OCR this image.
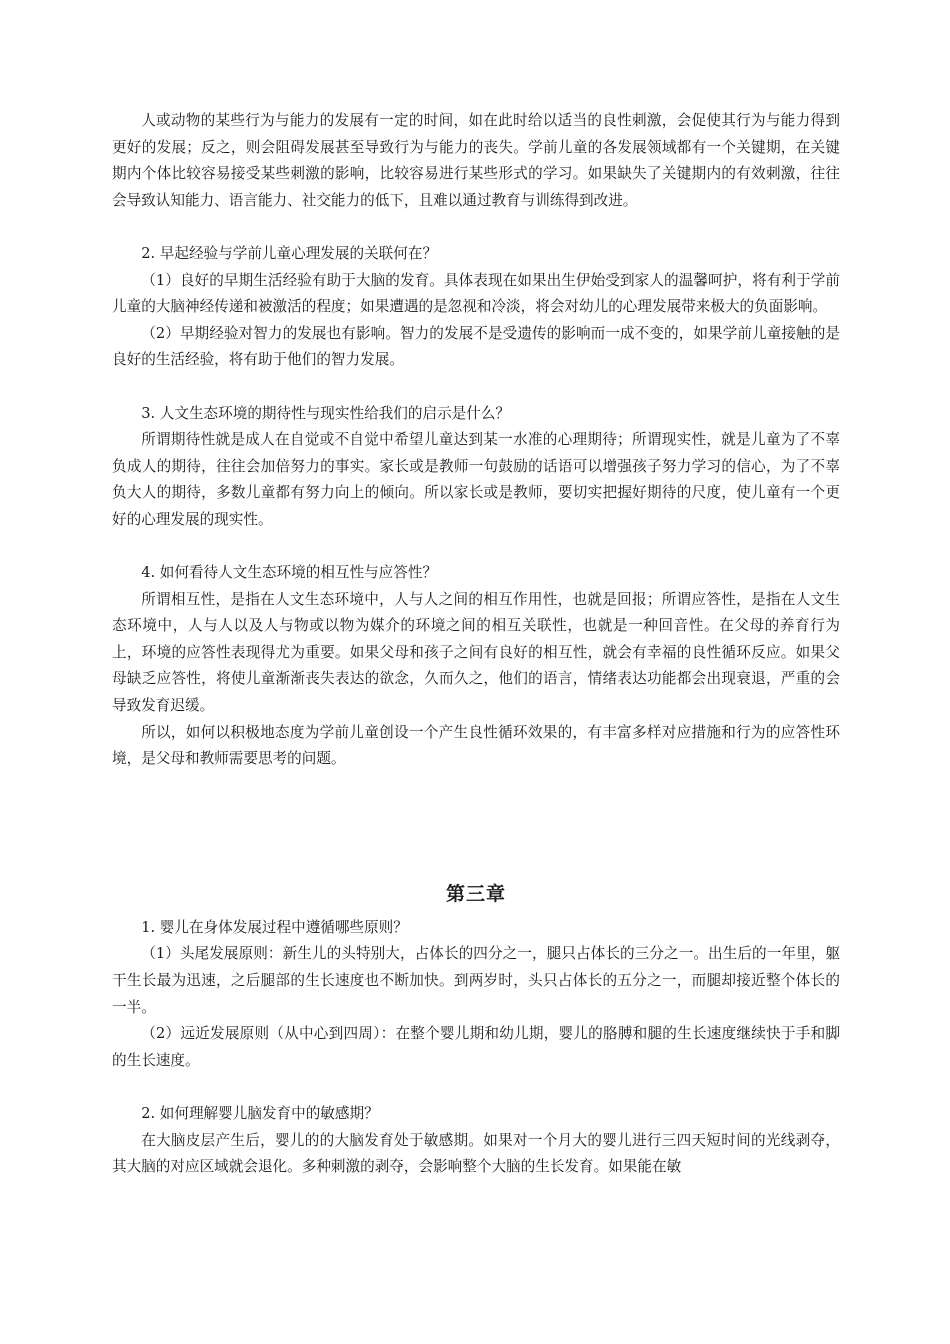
人或动物的某些行为与能力的发展有一定的时间，如在此时给以适当的良性刺激，会促使其行为与能力得到更好的发展；反之，则会阻碍发展甚至导致行为与能力的丧失。学前儿童的各发展领域都有一个关键期，在关键期内个体比较容易接受某些刺激的影响，比较容易进行某些形式的学习。如果缺失了关键期内的有效刺激，往往会导致认知能力、语言能力、社交能力的低下，且难以通过教育与训练得到改进。

2. 早起经验与学前儿童心理发展的关联何在？

（1）良好的早期生活经验有助于大脑的发育。具体表现在如果出生伊始受到家人的温馨呵护，将有利于学前儿童的大脑神经传递和被激活的程度；如果遭遇的是忽视和冷淡，将会对幼儿的心理发展带来极大的负面影响。

（2）早期经验对智力的发展也有影响。智力的发展不是受遗传的影响而一成不变的，如果学前儿童接触的是良好的生活经验，将有助于他们的智力发展。

3. 人文生态环境的期待性与现实性给我们的启示是什么？

所谓期待性就是成人在自觉或不自觉中希望儿童达到某一水准的心理期待；所谓现实性，就是儿童为了不辜负成人的期待，往往会加倍努力的事实。家长或是教师一句鼓励的话语可以增强孩子努力学习的信心，为了不辜负大人的期待，多数儿童都有努力向上的倾向。所以家长或是教师，要切实把握好期待的尺度，使儿童有一个更好的心理发展的现实性。

4. 如何看待人文生态环境的相互性与应答性？

所谓相互性，是指在人文生态环境中，人与人之间的相互作用性，也就是回报；所谓应答性，是指在人文生态环境中，人与人以及人与物或以物为媒介的环境之间的相互关联性，也就是一种回音性。在父母的养育行为上，环境的应答性表现得尤为重要。如果父母和孩子之间有良好的相互性，就会有幸福的良性循环反应。如果父母缺乏应答性，将使儿童渐渐丧失表达的欲念，久而久之，他们的语言，情绪表达功能都会出现衰退，严重的会导致发育迟缓。

所以，如何以积极地态度为学前儿童创设一个产生良性循环效果的，有丰富多样对应措施和行为的应答性环境，是父母和教师需要思考的问题。

第三章
1. 婴儿在身体发展过程中遵循哪些原则？

（1）头尾发展原则：新生儿的头特别大，占体长的四分之一，腿只占体长的三分之一。出生后的一年里，躯干生长最为迅速，之后腿部的生长速度也不断加快。到两岁时，头只占体长的五分之一，而腿却接近整个体长的一半。

（2）远近发展原则（从中心到四周）：在整个婴儿期和幼儿期，婴儿的胳膊和腿的生长速度继续快于手和脚的生长速度。

2. 如何理解婴儿脑发育中的敏感期？

在大脑皮层产生后，婴儿的的大脑发育处于敏感期。如果对一个月大的婴儿进行三四天短时间的光线剥夺，其大脑的对应区域就会退化。多种刺激的剥夺，会影响整个大脑的生长发育。如果能在敏
